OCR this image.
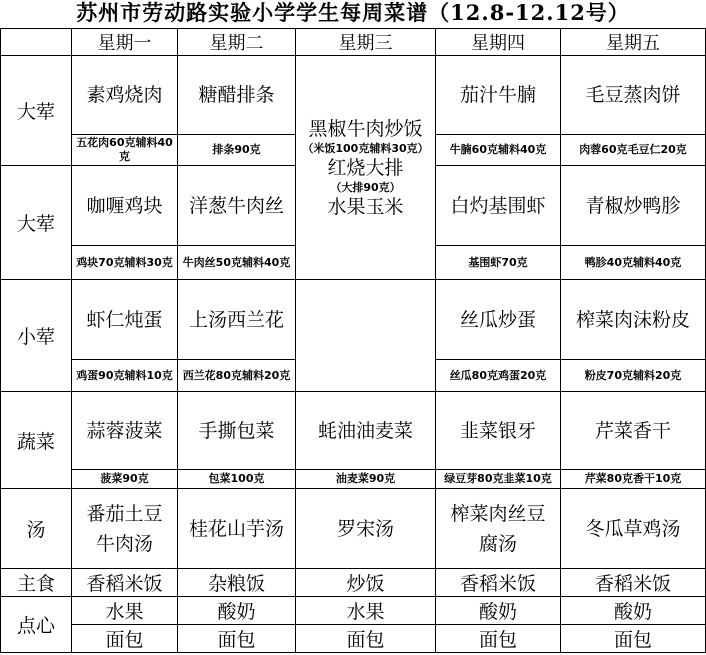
苏州市劳动路实验小学学生每周菜谱（12.8-12.12号）
	星期一	星期二	星期三	星期四	星期五
大荤	素鸡烧肉	糖醋排条	黑椒牛肉炒饭
（米饭100克辅料30克）
红烧大排
（大排90克）
水果玉米	茄汁牛腩	毛豆蒸肉饼
	五花肉60克辅料40克	排条90克		牛腩60克辅料40克	肉蓉60克毛豆仁20克
大荤	咖喱鸡块	洋葱牛肉丝		白灼基围虾	青椒炒鸭胗
	鸡块70克辅料30克	牛肉丝50克辅料40克		基围虾70克	鸭胗40克辅料40克
小荤	虾仁炖蛋	上汤西兰花		丝瓜炒蛋	榨菜肉沫粉皮
	鸡蛋90克辅料10克	西兰花80克辅料20克		丝瓜80克鸡蛋20克	粉皮70克辅料20克
蔬菜	蒜蓉菠菜	手撕包菜	蚝油油麦菜	韭菜银牙	芹菜香干
	菠菜90克	包菜100克	油麦菜90克	绿豆芽80克韭菜10克	芹菜80克香干10克
汤	番茄土豆牛肉汤	桂花山芋汤	罗宋汤	榨菜肉丝豆腐汤	冬瓜草鸡汤
主食	香稻米饭	杂粮饭	炒饭	香稻米饭	香稻米饭
点心	水果	酸奶	水果	酸奶	酸奶
	面包	面包	面包	面包	面包
